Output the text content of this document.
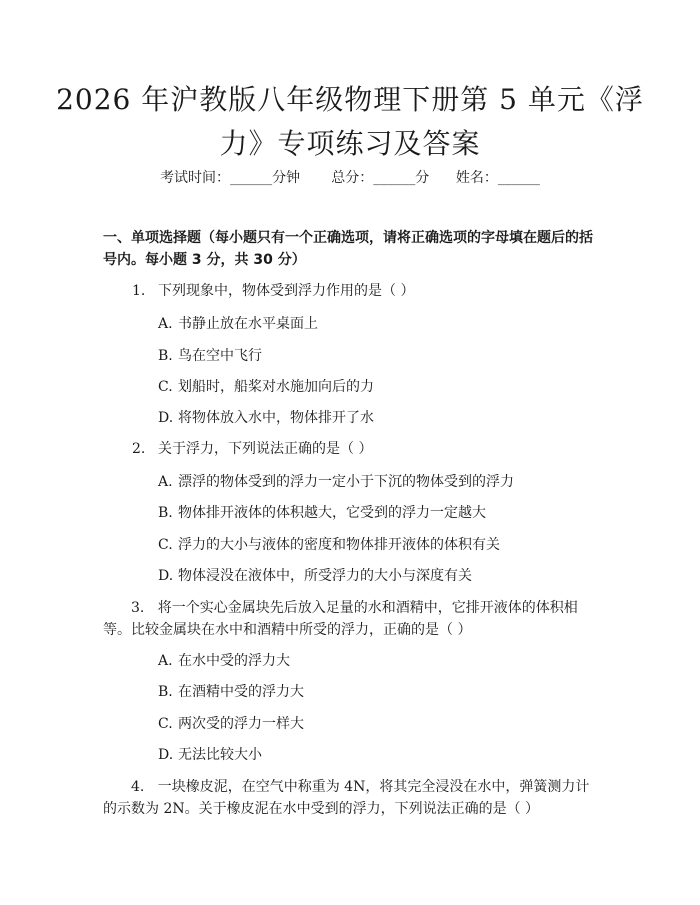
2026 年沪教版八年级物理下册第 5 单元《浮
力》专项练习及答案
考试时间：______分钟 总分：______分 姓名：______
一、单项选择题（每小题只有一个正确选项，请将正确选项的字母填在题后的括号内。每小题 3 分，共 30 分）
1. 下列现象中，物体受到浮力作用的是（ ）
A. 书静止放在水平桌面上
B. 鸟在空中飞行
C. 划船时，船桨对水施加向后的力
D. 将物体放入水中，物体排开了水
2. 关于浮力，下列说法正确的是（ ）
A. 漂浮的物体受到的浮力一定小于下沉的物体受到的浮力
B. 物体排开液体的体积越大，它受到的浮力一定越大
C. 浮力的大小与液体的密度和物体排开液体的体积有关
D. 物体浸没在液体中，所受浮力的大小与深度有关
3. 将一个实心金属块先后放入足量的水和酒精中，它排开液体的体积相等。比较金属块在水中和酒精中所受的浮力，正确的是（ ）
A. 在水中受的浮力大
B. 在酒精中受的浮力大
C. 两次受的浮力一样大
D. 无法比较大小
4. 一块橡皮泥，在空气中称重为 4N，将其完全浸没在水中，弹簧测力计的示数为 2N。关于橡皮泥在水中受到的浮力，下列说法正确的是（ ）
